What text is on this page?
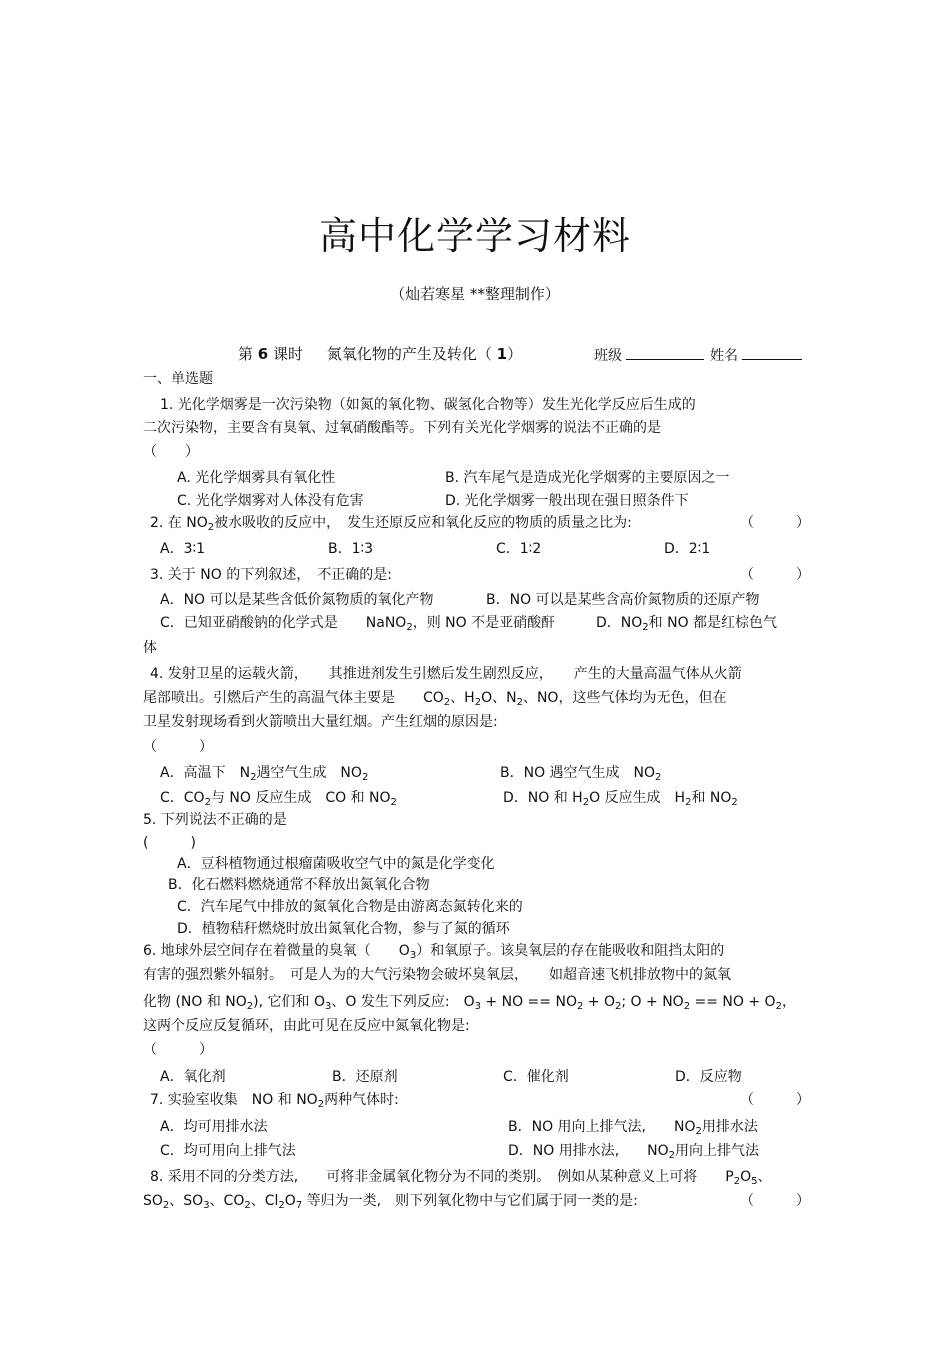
高中化学学习材料
（灿若寒星 **整理制作）
第 6 课时 氮氧化物的产生及转化（ 1）	班级	姓名
一、单选题
1. 光化学烟雾是一次污染物（如氮的氧化物、碳氢化合物等）发生光化学反应后生成的
二次污染物，主要含有臭氧、过氧硝酸酯等。下列有关光化学烟雾的说法不正确的是
（　　）
A. 光化学烟雾具有氧化性	B. 汽车尾气是造成光化学烟雾的主要原因之一
C. 光化学烟雾对人体没有危害	D. 光化学烟雾一般出现在强日照条件下
2. 在 $NO_2$被水吸收的反应中，　发生还原反应和氧化反应的物质的质量之比为:	（　　　）
A．3∶1	B．1∶3	C．1∶2	D．2∶1
3. 关于 NO 的下列叙述，　不正确的是:	（　　　）
A．NO 可以是某些含低价氮物质的氧化产物	B．NO 可以是某些含高价氮物质的还原产物
C．已知亚硝酸钠的化学式是　　NaNO$_2$，则 NO 不是亚硝酸酐	D．$NO_2$和 NO 都是红棕色气
体
4. 发射卫星的运载火箭，　　其推进剂发生引燃后发生剧烈反应，　　产生的大量高温气体从火箭
尾部喷出。引燃后产生的高温气体主要是　　$CO_2$、$H_2O$、$N_2$、NO，这些气体均为无色，但在
卫星发射现场看到火箭喷出大量红烟。产生红烟的原因是:
（　　　）
A．高温下　$N_2$遇空气生成　$NO_2$	B．NO 遇空气生成　$NO_2$
C．$CO_2$与 NO 反应生成　CO 和 $NO_2$	D．NO 和 $H_2O$ 反应生成　$H_2$和 $NO_2$
5. 下列说法不正确的是
(　　　)
A．豆科植物通过根瘤菌吸收空气中的氮是化学变化
B．化石燃料燃烧通常不释放出氮氧化合物
C．汽车尾气中排放的氮氧化合物是由游离态氮转化来的
D．植物秸秆燃烧时放出氮氧化合物，参与了氮的循环
6. 地球外层空间存在着微量的臭氧（　　$O_3$）和氧原子。该臭氧层的存在能吸收和阻挡太阳的
有害的强烈紫外辐射。　可是人为的大气污染物会破坏臭氧层，　　如超音速飞机排放物中的氮氧
化物 (NO 和 $NO_2$), 它们和 $O_3$、O 发生下列反应:　$O_3$ + NO == $NO_2 + O_2$; $O + NO_2$ == NO + $O_2$，
这两个反应反复循环，由此可见在反应中氮氧化物是:
（　　　）
A．氧化剂	B．还原剂	C．催化剂	D．反应物
7. 实验室收集　NO 和 $NO_2$两种气体时:	（　　　）
A．均可用排水法	B．NO 用向上排气法,　　$NO_2$用排水法
C．均可用向上排气法	D．NO 用排水法,　　$NO_2$用向上排气法
8. 采用不同的分类方法,　　可将非金属氧化物分为不同的类别。　例如从某种意义上可将　　$P_2O_5$、
$SO_2$、$SO_3$、$CO_2$、$Cl_2O_7$ 等归为一类,　则下列氧化物中与它们属于同一类的是:	（　　　）
